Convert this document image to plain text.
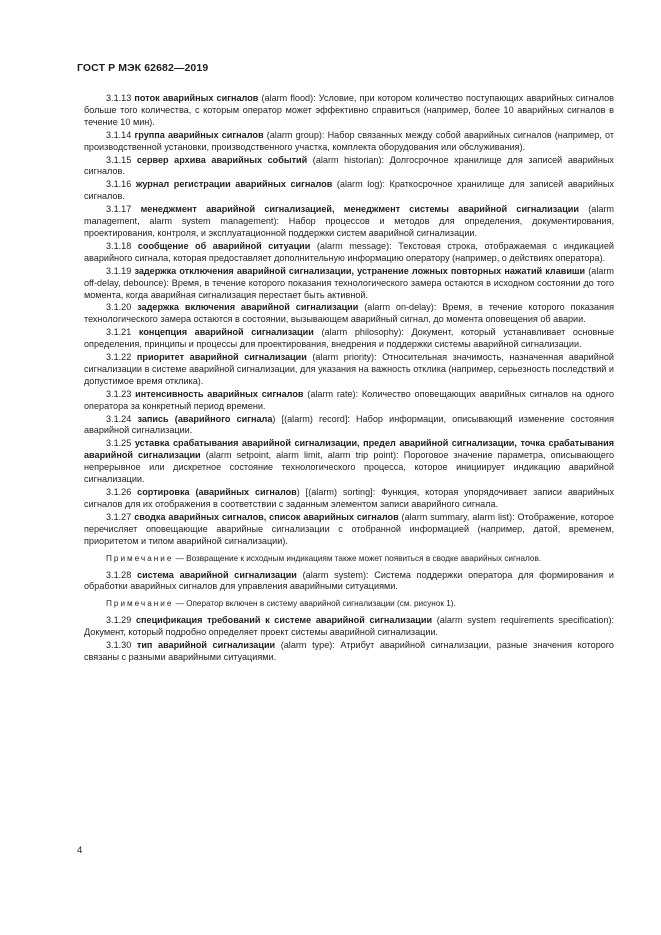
ГОСТ Р МЭК 62682—2019

3.1.13 поток аварийных сигналов (alarm flood): Условие, при котором количество поступающих аварийных сигналов больше того количества, с которым оператор может эффективно справиться (например, более 10 аварийных сигналов в течение 10 мин).

3.1.14 группа аварийных сигналов (alarm group): Набор связанных между собой аварийных сигналов (например, от производственной установки, производственного участка, комплекта оборудования или обслуживания).

3.1.15 сервер архива аварийных событий (alarm historian): Долгосрочное хранилище для записей аварийных сигналов.

3.1.16 журнал регистрации аварийных сигналов (alarm log): Краткосрочное хранилище для записей аварийных сигналов.

3.1.17 менеджмент аварийной сигнализацией, менеджмент системы аварийной сигнализации (alarm management, alarm system management): Набор процессов и методов для определения, документирования, проектирования, контроля, и эксплуатационной поддержки систем аварийной сигнализации.

3.1.18 сообщение об аварийной ситуации (alarm message): Текстовая строка, отображаемая с индикацией аварийного сигнала, которая предоставляет дополнительную информацию оператору (например, о действиях оператора).

3.1.19 задержка отключения аварийной сигнализации, устранение ложных повторных нажатий клавиши (alarm off-delay, debounce): Время, в течение которого показания технологического замера остаются в исходном состоянии до того момента, когда аварийная сигнализация перестает быть активной.

3.1.20 задержка включения аварийной сигнализации (alarm on-delay): Время, в течение которого показания технологического замера остаются в состоянии, вызывающем аварийный сигнал, до момента оповещения об аварии.

3.1.21 концепция аварийной сигнализации (alarm philosophy): Документ, который устанавливает основные определения, принципы и процессы для проектирования, внедрения и поддержки системы аварийной сигнализации.

3.1.22 приоритет аварийной сигнализации (alarm priority): Относительная значимость, назначенная аварийной сигнализации в системе аварийной сигнализации, для указания на важность отклика (например, серьезность последствий и допустимое время отклика).

3.1.23 интенсивность аварийных сигналов (alarm rate): Количество оповещающих аварийных сигналов на одного оператора за конкретный период времени.

3.1.24 запись (аварийного сигнала) [(alarm) record]: Набор информации, описывающий изменение состояния аварийной сигнализации.

3.1.25 уставка срабатывания аварийной сигнализации, предел аварийной сигнализации, точка срабатывания аварийной сигнализации (alarm setpoint, alarm limit, alarm trip point): Пороговое значение параметра, описывающего непрерывное или дискретное состояние технологического процесса, которое инициирует индикацию аварийной сигнализации.

3.1.26 сортировка (аварийных сигналов) [(alarm) sorting]: Функция, которая упорядочивает записи аварийных сигналов для их отображения в соответствии с заданным элементом записи аварийного сигнала.

3.1.27 сводка аварийных сигналов, список аварийных сигналов (alarm summary, alarm list): Отображение, которое перечисляет оповещающие аварийные сигнализации с отобранной информацией (например, датой, временем, приоритетом и типом аварийной сигнализации).

Примечание — Возвращение к исходным индикациям также может появиться в сводке аварийных сигналов.

3.1.28 система аварийной сигнализации (alarm system): Система поддержки оператора для формирования и обработки аварийных сигналов для управления аварийными ситуациями.

Примечание — Оператор включен в систему аварийной сигнализации (см. рисунок 1).

3.1.29 спецификация требований к системе аварийной сигнализации (alarm system requirements specification): Документ, который подробно определяет проект системы аварийной сигнализации.

3.1.30 тип аварийной сигнализации (alarm type): Атрибут аварийной сигнализации, разные значения которого связаны с разными аварийными ситуациями.

4
